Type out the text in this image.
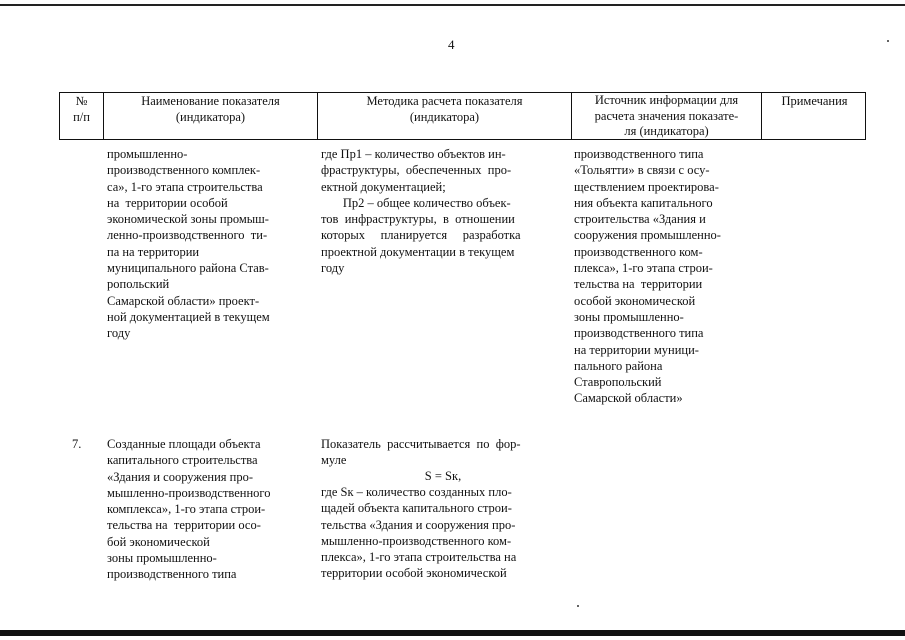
4
№
п/п
Наименование показателя
(индикатора)
Методика расчета показателя
(индикатора)
Источник информации для
расчета значения показате-
ля (индикатора)
Примечания
промышленно-
производственного комплек-
са», 1-го этапа строительства
на  территории особой
экономической зоны промыш-
ленно-производственного  ти-
па на территории
муниципального района Став-
ропольский
Самарской области» проект-
ной документацией в текущем
году
где Пр1 – количество объектов ин-
фраструктуры,  обеспеченных  про-
ектной документацией;
Пр2 – общее количество объек-
тов  инфраструктуры,  в  отношении
которых     планируется     разработка
проектной документации в текущем
году
производственного типа
«Тольятти» в связи с осу-
ществлением проектирова-
ния объекта капитального
строительства «Здания и
сооружения промышленно-
производственного ком-
плекса», 1-го этапа строи-
тельства на  территории
особой экономической
зоны промышленно-
производственного типа
на территории муници-
пального района
Ставропольский
Самарской области»
7. Созданные площади объекта
капитального строительства
«Здания и сооружения про-
мышленно-производственного
комплекса», 1-го этапа строи-
тельства на  территории осо-
бой экономической
зоны промышленно-
производственного типа
Показатель  рассчитывается  по  фор-
муле
S = Sк,
где Sк – количество созданных пло-
щадей объекта капитального строи-
тельства «Здания и сооружения про-
мышленно-производственного ком-
плекса», 1-го этапа строительства на
территории особой экономической
